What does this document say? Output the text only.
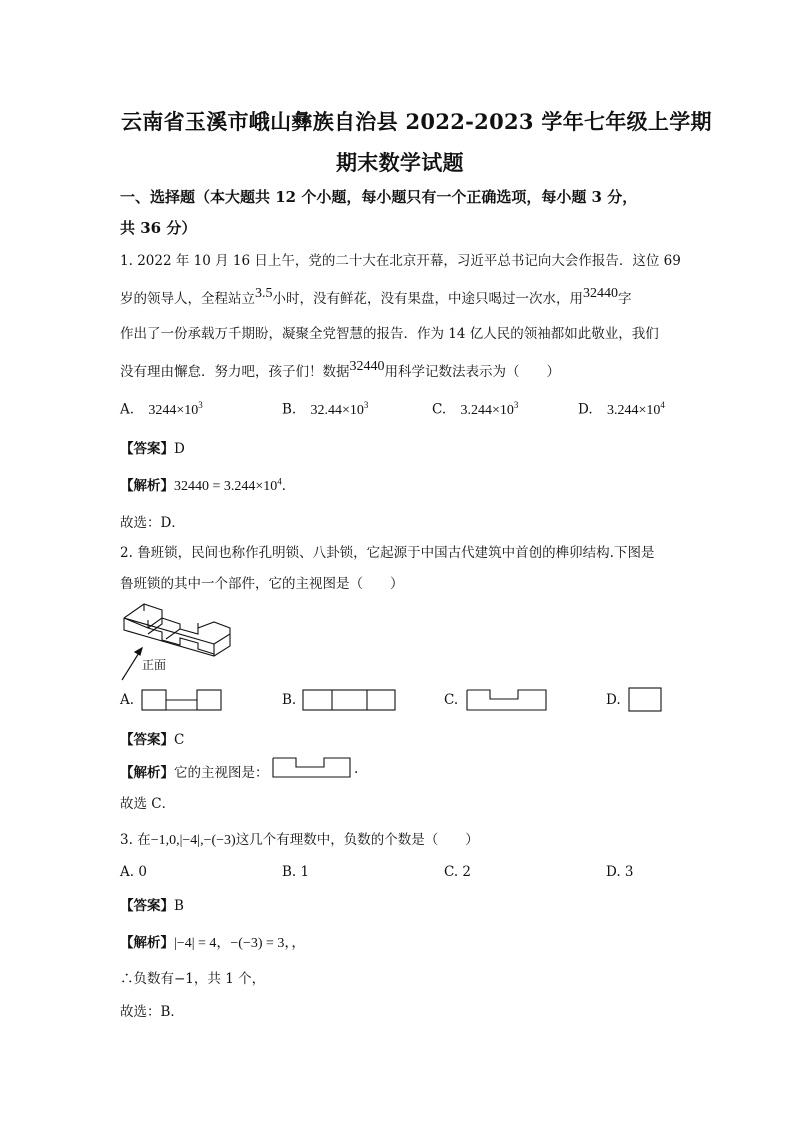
云南省玉溪市峨山彝族自治县 2022-2023 学年七年级上学期
期末数学试题
一、选择题（本大题共 12 个小题，每小题只有一个正确选项，每小题 3 分，
共 36 分）
1. 2022 年 10 月 16 日上午，党的二十大在北京开幕，习近平总书记向大会作报告．这位 69
岁的领导人，全程站立3.5小时，没有鲜花，没有果盘，中途只喝过一次水，用32440字
作出了一份承载万千期盼，凝聚全党智慧的报告．作为 14 亿人民的领袖都如此敬业，我们
没有理由懈怠．努力吧，孩子们！数据32440用科学记数法表示为（　　）
A. $3244\times 10^3$	B. $32.44\times 10^3$	C. $3.244\times 10^3$	D. $3.244\times 10^4$
【答案】D
【解析】$32440 = 3.244\times 10^4$．
故选：D．
2. 鲁班锁，民间也称作孔明锁、八卦锁，它起源于中国古代建筑中首创的榫卯结构.下图是
鲁班锁的其中一个部件，它的主视图是（　　）
正面
A.	B.	C.	D.
【答案】C
【解析】它的主视图是：	.
故选 C．
3. 在−1,0,|−4|,−(−3)这几个有理数中，负数的个数是（　　）
A. 0	B. 1	C. 2	D. 3
【答案】B
【解析】|−4| = 4，−(−3) = 3，，
∴负数有−1，共 1 个，
故选：B．
